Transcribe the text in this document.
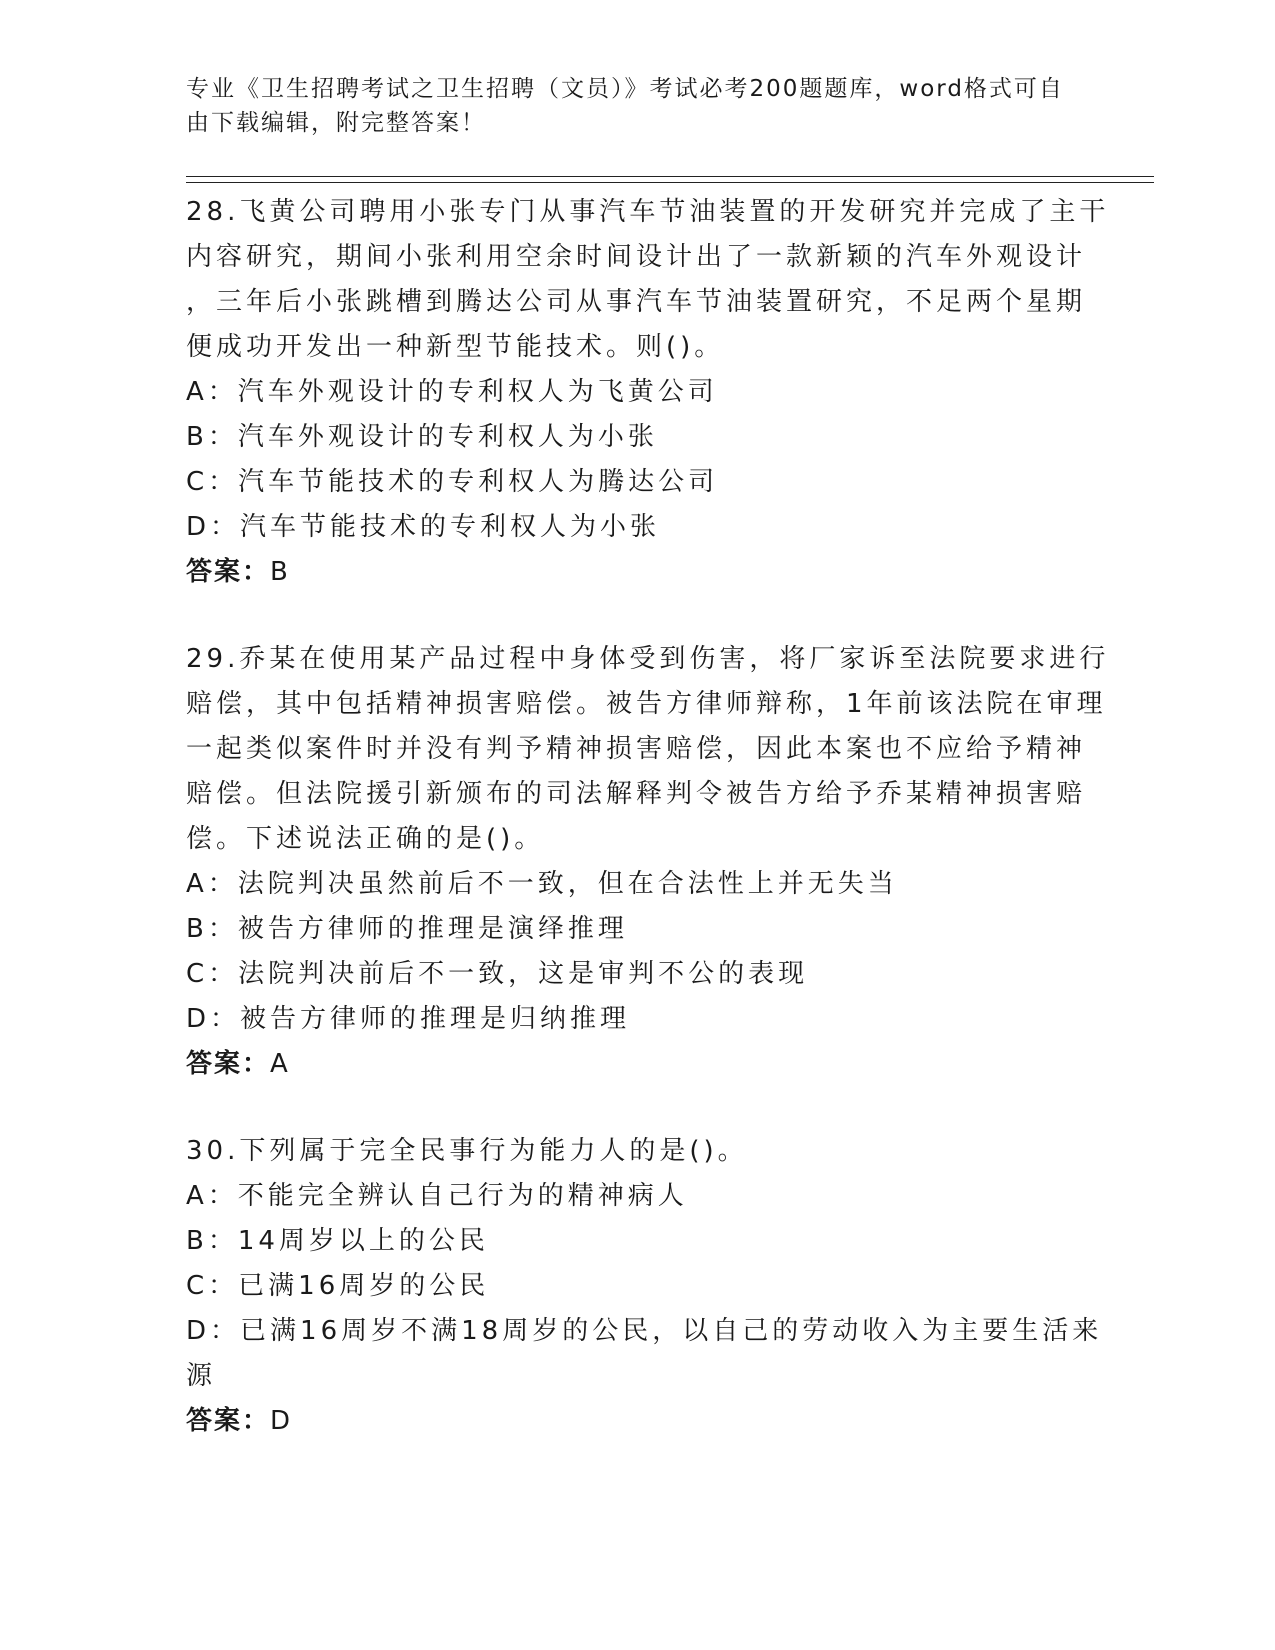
专业《卫生招聘考试之卫生招聘（文员）》考试必考200题题库，word格式可自
由下载编辑，附完整答案！
28.飞黄公司聘用小张专门从事汽车节油装置的开发研究并完成了主干
内容研究，期间小张利用空余时间设计出了一款新颖的汽车外观设计
，三年后小张跳槽到腾达公司从事汽车节油装置研究，不足两个星期
便成功开发出一种新型节能技术。则()。
A：汽车外观设计的专利权人为飞黄公司
B：汽车外观设计的专利权人为小张
C：汽车节能技术的专利权人为腾达公司
D：汽车节能技术的专利权人为小张
答案：B
29.乔某在使用某产品过程中身体受到伤害，将厂家诉至法院要求进行
赔偿，其中包括精神损害赔偿。被告方律师辩称，1年前该法院在审理
一起类似案件时并没有判予精神损害赔偿，因此本案也不应给予精神
赔偿。但法院援引新颁布的司法解释判令被告方给予乔某精神损害赔
偿。下述说法正确的是()。
A：法院判决虽然前后不一致，但在合法性上并无失当
B：被告方律师的推理是演绎推理
C：法院判决前后不一致，这是审判不公的表现
D：被告方律师的推理是归纳推理
答案：A
30.下列属于完全民事行为能力人的是()。
A：不能完全辨认自己行为的精神病人
B：14周岁以上的公民
C：已满16周岁的公民
D：已满16周岁不满18周岁的公民，以自己的劳动收入为主要生活来
源
答案：D
